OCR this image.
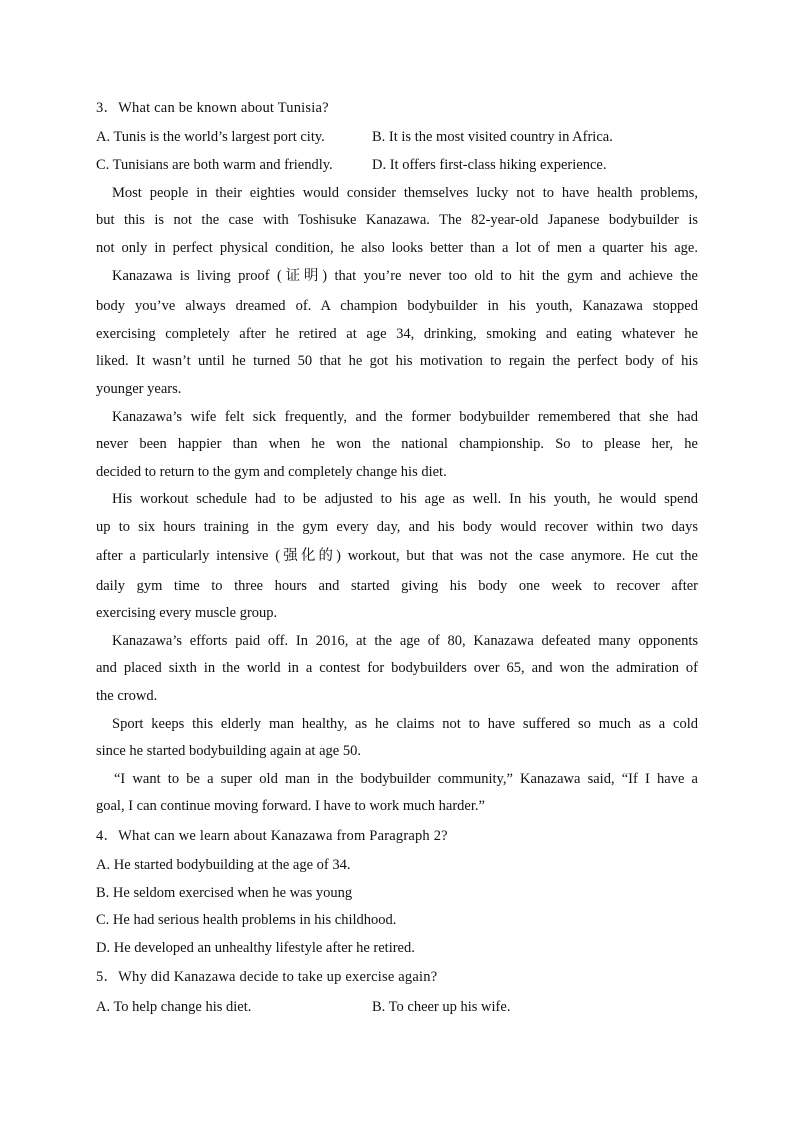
3．What can be known about Tunisia?
A. Tunis is the world’s largest port city.	B. It is the most visited country in Africa.
C. Tunisians are both warm and friendly.	D. It offers first-class hiking experience.
Most people in their eighties would consider themselves lucky not to have health problems,
but this is not the case with Toshisuke Kanazawa. The 82-year-old Japanese bodybuilder is
not only in perfect physical condition, he also looks better than a lot of men a quarter his age.
Kanazawa is living proof (证明) that you’re never too old to hit the gym and achieve the
body you’ve always dreamed of. A champion bodybuilder in his youth, Kanazawa stopped
exercising completely after he retired at age 34, drinking, smoking and eating whatever he
liked. It wasn’t until he turned 50 that he got his motivation to regain the perfect body of his
younger years.
Kanazawa’s wife felt sick frequently, and the former bodybuilder remembered that she had
never been happier than when he won the national championship. So to please her, he
decided to return to the gym and completely change his diet.
His workout schedule had to be adjusted to his age as well. In his youth, he would spend
up to six hours training in the gym every day, and his body would recover within two days
after a particularly intensive (强化的) workout, but that was not the case anymore. He cut the
daily gym time to three hours and started giving his body one week to recover after
exercising every muscle group.
Kanazawa’s efforts paid off. In 2016, at the age of 80, Kanazawa defeated many opponents
and placed sixth in the world in a contest for bodybuilders over 65, and won the admiration of
the crowd.
Sport keeps this elderly man healthy, as he claims not to have suffered so much as a cold
since he started bodybuilding again at age 50.
“I want to be a super old man in the bodybuilder community,” Kanazawa said, “If I have a
goal, I can continue moving forward. I have to work much harder.”
4．What can we learn about Kanazawa from Paragraph 2?
A. He started bodybuilding at the age of 34.
B. He seldom exercised when he was young
C. He had serious health problems in his childhood.
D. He developed an unhealthy lifestyle after he retired.
5．Why did Kanazawa decide to take up exercise again?
A. To help change his diet.	B. To cheer up his wife.
